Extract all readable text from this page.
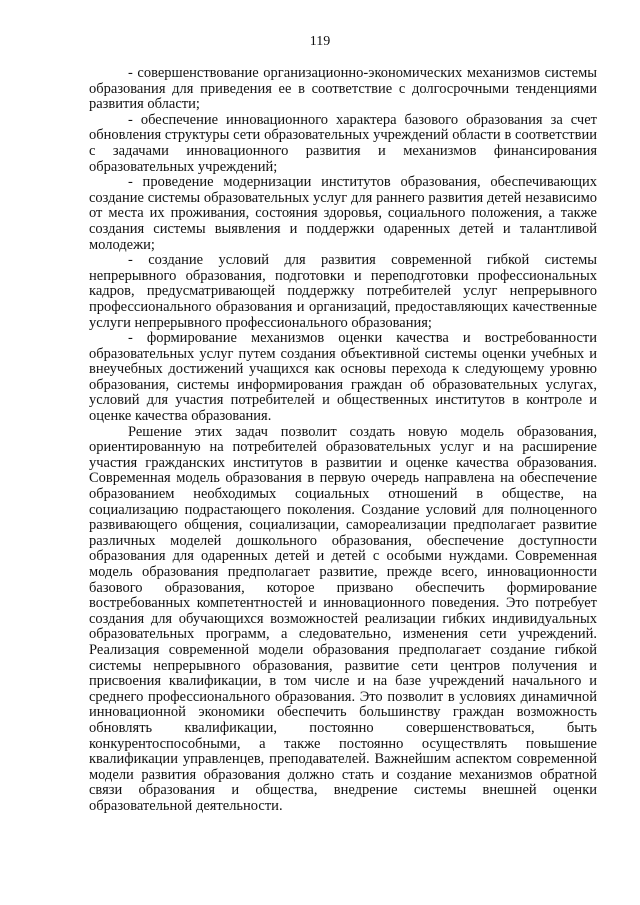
119

- совершенствование организационно-экономических механизмов системы образования для приведения ее в соответствие с долгосрочными тенденциями развития области;

- обеспечение инновационного характера базового образования за счет обновления структуры сети образовательных учреждений области в соответствии с задачами инновационного развития и механизмов финансирования образовательных учреждений;

- проведение модернизации институтов образования, обеспечивающих создание системы образовательных услуг для раннего развития детей независимо от места их проживания, состояния здоровья, социального положения, а также создания системы выявления и поддержки одаренных детей и талантливой молодежи;

- создание условий для развития современной гибкой системы непрерывного образования, подготовки и переподготовки профессиональных кадров, предусматривающей поддержку потребителей услуг непрерывного профессионального образования и организаций, предоставляющих качественные услуги непрерывного профессионального образования;

- формирование механизмов оценки качества и востребованности образовательных услуг путем создания объективной системы оценки учебных и внеучебных достижений учащихся как основы перехода к следующему уровню образования, системы информирования граждан об образовательных услугах, условий для участия потребителей и общественных институтов в контроле и оценке качества образования.

Решение этих задач позволит создать новую модель образования, ориентированную на потребителей образовательных услуг и на расширение участия гражданских институтов в развитии и оценке качества образования. Современная модель образования в первую очередь направлена на обеспечение образованием необходимых социальных отношений в обществе, на социализацию подрастающего поколения. Создание условий для полноценного развивающего общения, социализации, самореализации предполагает развитие различных моделей дошкольного образования, обеспечение доступности образования для одаренных детей и детей с особыми нуждами. Современная модель образования предполагает развитие, прежде всего, инновационности базового образования, которое призвано обеспечить формирование востребованных компетентностей и инновационного поведения. Это потребует создания для обучающихся возможностей реализации гибких индивидуальных образовательных программ, а следовательно, изменения сети учреждений. Реализация современной модели образования предполагает создание гибкой системы непрерывного образования, развитие сети центров получения и присвоения квалификации, в том числе и на базе учреждений начального и среднего профессионального образования. Это позволит в условиях динамичной инновационной экономики обеспечить большинству граждан возможность обновлять квалификации, постоянно совершенствоваться, быть конкурентоспособными, а также постоянно осуществлять повышение квалификации управленцев, преподавателей. Важнейшим аспектом современной модели развития образования должно стать и создание механизмов обратной связи образования и общества, внедрение системы внешней оценки образовательной деятельности.
